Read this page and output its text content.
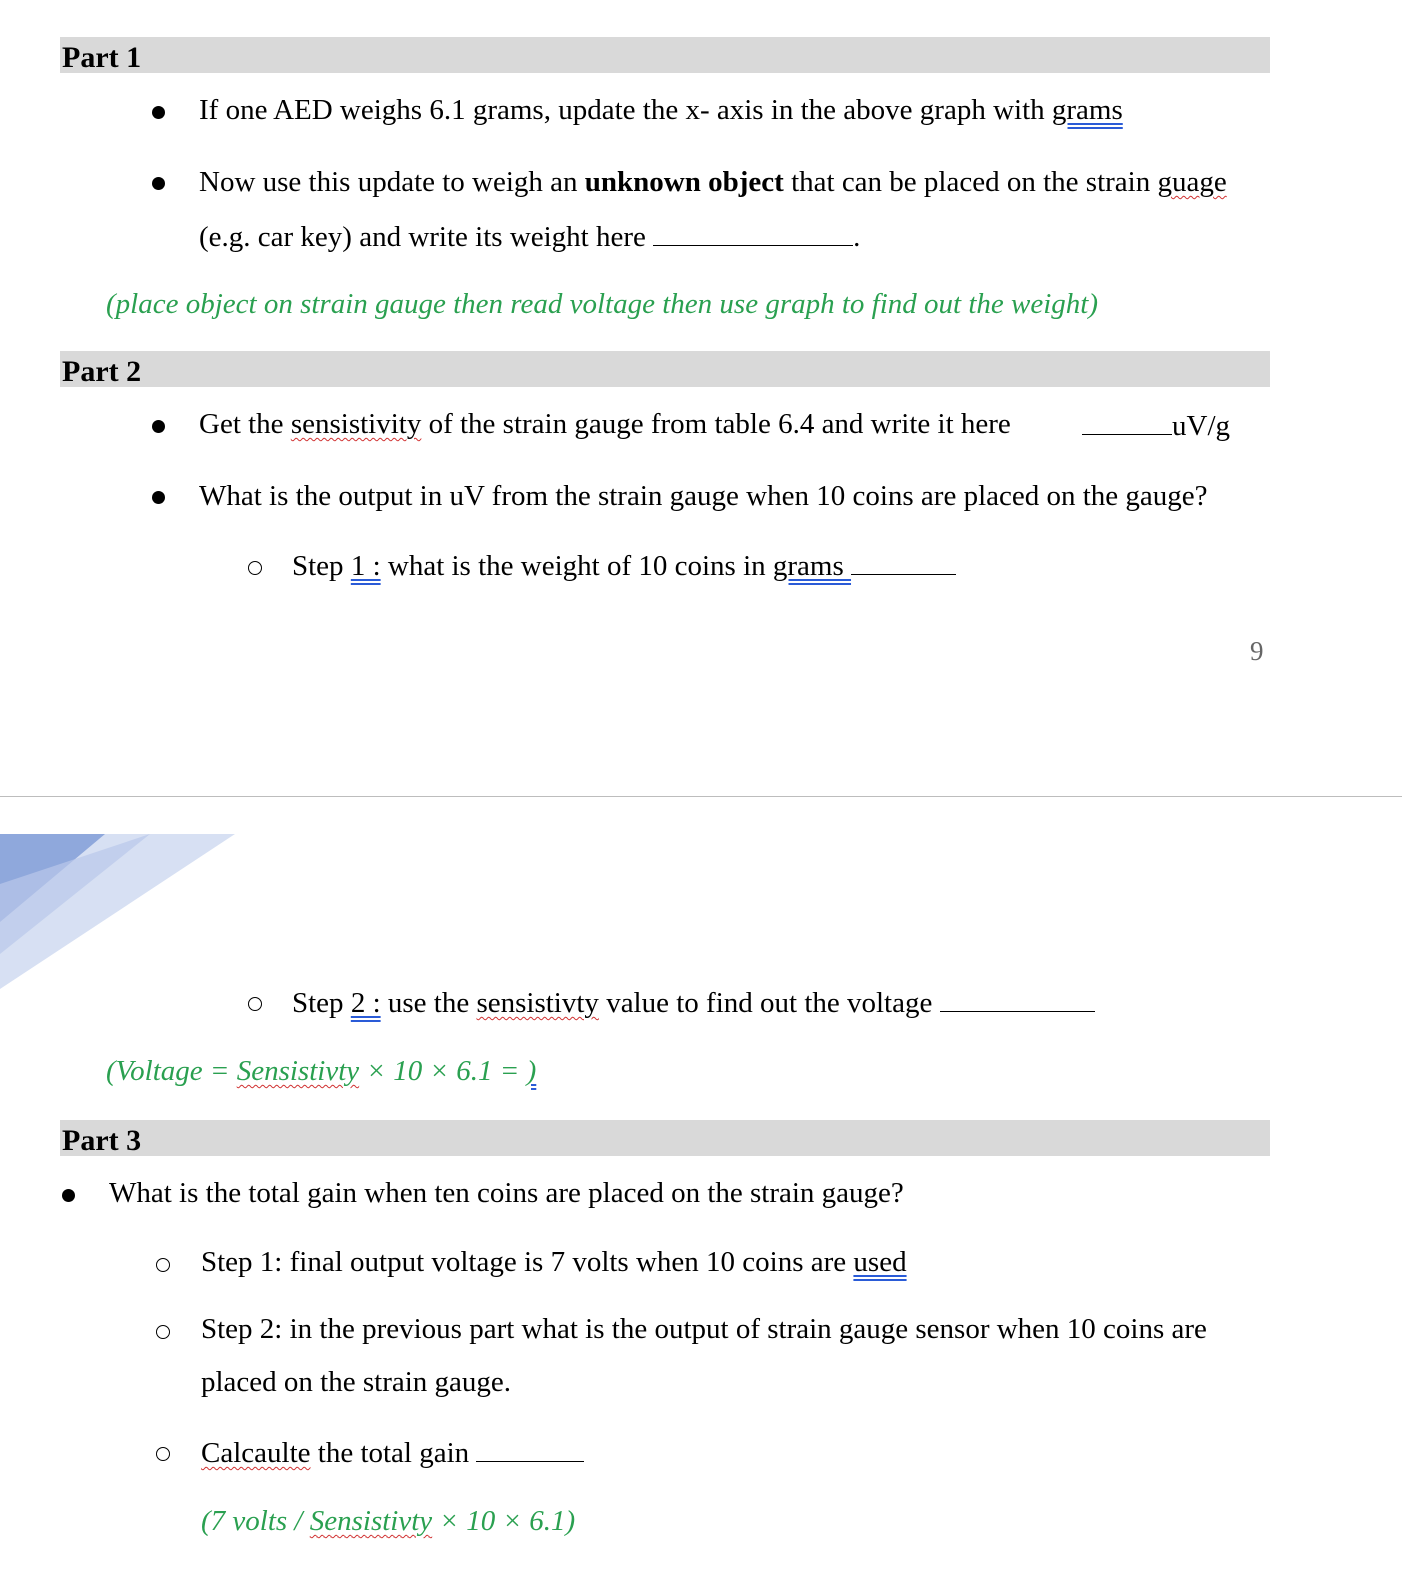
Part 1
If one AED weighs 6.1 grams, update the x- axis in the above graph with grams
Now use this update to weigh an unknown object that can be placed on the strain guage
(e.g. car key) and write its weight here	.
(place object on strain gauge then read voltage then use graph to find out the weight)
Part 2
Get the sensistivity of the strain gauge from table 6.4 and write it here	uV/g
What is the output in uV from the strain gauge when 10 coins are placed on the gauge?
Step 1 : what is the weight of 10 coins in grams
9
Step 2 : use the sensistivty value to find out the voltage
(Voltage = Sensistivty × 10 × 6.1 = )
Part 3
What is the total gain when ten coins are placed on the strain gauge?
Step 1: final output voltage is 7 volts when 10 coins are used
Step 2: in the previous part what is the output of strain gauge sensor when 10 coins are
placed on the strain gauge.
Calcaulte the total gain
(7 volts / Sensistivty × 10 × 6.1)
